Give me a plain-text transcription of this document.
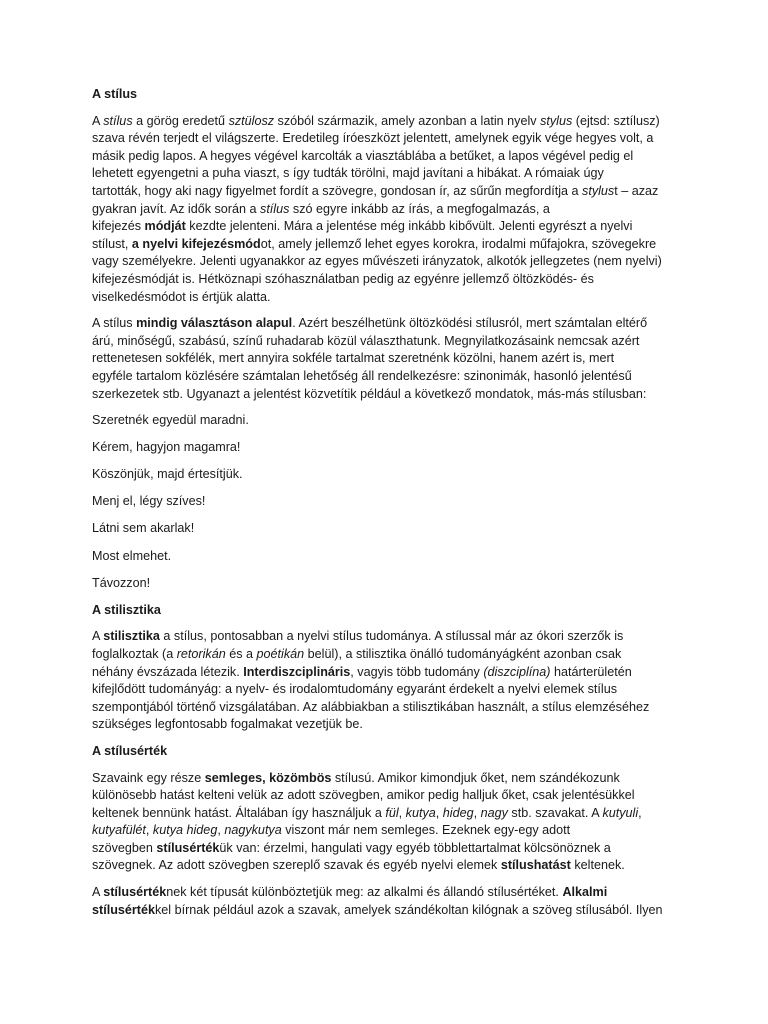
A stílus
A stílus a görög eredetű sztülosz szóból származik, amely azonban a latin nyelv stylus (ejtsd: sztílusz)
szava révén terjedt el világszerte. Eredetileg íróeszközt jelentett, amelynek egyik vége hegyes volt, a
másik pedig lapos. A hegyes végével karcolták a viasztáblába a betűket, a lapos végével pedig el
lehetett egyengetni a puha viaszt, s így tudták törölni, majd javítani a hibákat. A rómaiak úgy
tartották, hogy aki nagy figyelmet fordít a szövegre, gondosan ír, az sűrűn megfordítja a stylust – azaz
gyakran javít. Az idők során a stílus szó egyre inkább az írás, a megfogalmazás, a
kifejezés módját kezdte jelenteni. Mára a jelentése még inkább kibővült. Jelenti egyrészt a nyelvi
stílust, a nyelvi kifejezésmódot, amely jellemző lehet egyes korokra, irodalmi műfajokra, szövegekre
vagy személyekre. Jelenti ugyanakkor az egyes művészeti irányzatok, alkotók jellegzetes (nem nyelvi)
kifejezésmódját is. Hétköznapi szóhasználatban pedig az egyénre jellemző öltözködés- és
viselkedésmódot is értjük alatta.
A stílus mindig választáson alapul. Azért beszélhetünk öltözködési stílusról, mert számtalan eltérő
árú, minőségű, szabású, színű ruhadarab közül választhatunk. Megnyilatkozásaink nemcsak azért
rettenetesen sokfélék, mert annyira sokféle tartalmat szeretnénk közölni, hanem azért is, mert
egyféle tartalom közlésére számtalan lehetőség áll rendelkezésre: szinonimák, hasonló jelentésű
szerkezetek stb. Ugyanazt a jelentést közvetítik például a következő mondatok, más-más stílusban:
Szeretnék egyedül maradni.
Kérem, hagyjon magamra!
Köszönjük, majd értesítjük.
Menj el, légy szíves!
Látni sem akarlak!
Most elmehet.
Távozzon!
A stilisztika
A stilisztika a stílus, pontosabban a nyelvi stílus tudománya. A stílussal már az ókori szerzők is
foglalkoztak (a retorikán és a poétikán belül), a stilisztika önálló tudományágként azonban csak
néhány évszázada létezik. Interdiszciplináris, vagyis több tudomány (diszciplína) határterületén
kifejlődött tudományág: a nyelv- és irodalomtudomány egyaránt érdekelt a nyelvi elemek stílus
szempontjából történő vizsgálatában. Az alábbiakban a stilisztikában használt, a stílus elemzéséhez
szükséges legfontosabb fogalmakat vezetjük be.
A stílusérték
Szavaink egy része semleges, közömbös stílusú. Amikor kimondjuk őket, nem szándékozunk
különösebb hatást kelteni velük az adott szövegben, amikor pedig halljuk őket, csak jelentésükkel
keltenek bennünk hatást. Általában így használjuk a fül, kutya, hideg, nagy stb. szavakat. A kutyuli,
kutyafülét, kutya hideg, nagykutya viszont már nem semleges. Ezeknek egy-egy adott
szövegben stílusértékük van: érzelmi, hangulati vagy egyéb többlettartalmat kölcsönöznek a
szövegnek. Az adott szövegben szereplő szavak és egyéb nyelvi elemek stílushatást keltenek.
A stílusértéknek két típusát különböztetjük meg: az alkalmi és állandó stílusértéket. Alkalmi
stílusértékkel bírnak például azok a szavak, amelyek szándékoltan kilógnak a szöveg stílusából. Ilyen
